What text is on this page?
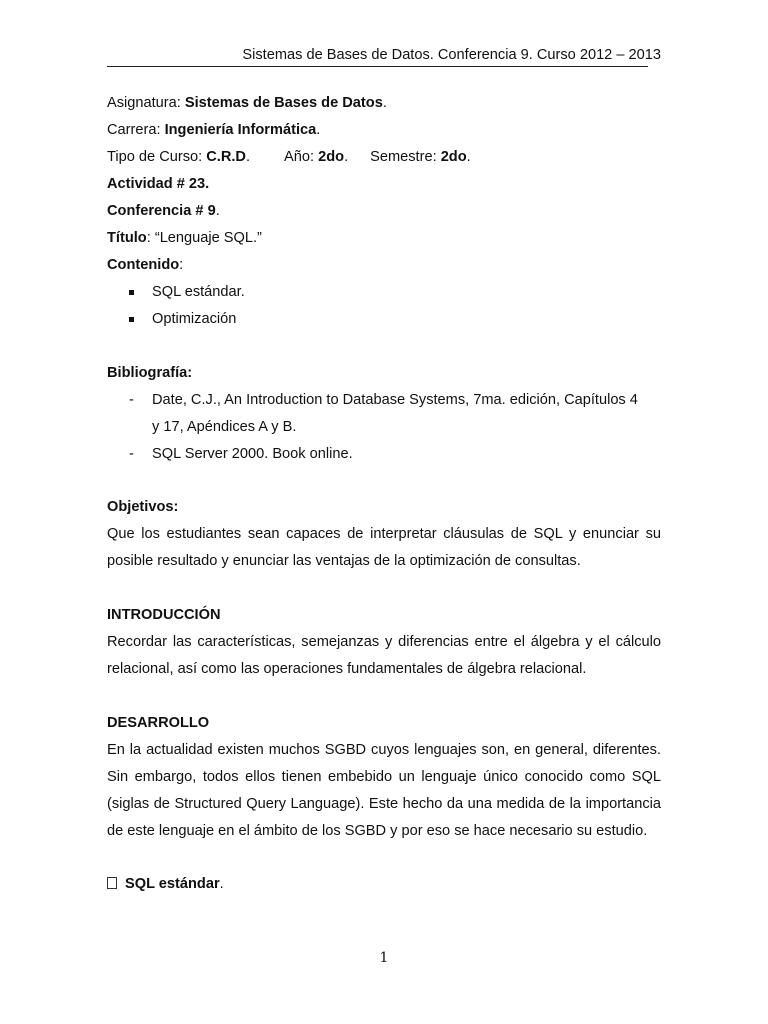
Sistemas de Bases de Datos. Conferencia 9. Curso 2012 – 2013
Asignatura: Sistemas de Bases de Datos.
Carrera: Ingeniería Informática.
Tipo de Curso: C.R.D. Año: 2do. Semestre: 2do.
Actividad # 23.
Conferencia # 9.
Título: “Lenguaje SQL.”
Contenido:
SQL estándar.
Optimización
Bibliografía:
- Date, C.J., An Introduction to Database Systems, 7ma. edición, Capítulos 4
y 17, Apéndices A y B.
- SQL Server 2000. Book online.
Objetivos:
Que los estudiantes sean capaces de interpretar cláusulas de SQL y enunciar su posible resultado y enunciar las ventajas de la optimización de consultas.
INTRODUCCIÓN
Recordar las características, semejanzas y diferencias entre el álgebra y el cálculo relacional, así como las operaciones fundamentales de álgebra relacional.
DESARROLLO
En la actualidad existen muchos SGBD cuyos lenguajes son, en general, diferentes. Sin embargo, todos ellos tienen embebido un lenguaje único conocido como SQL (siglas de Structured Query Language). Este hecho da una medida de la importancia de este lenguaje en el ámbito de los SGBD y por eso se hace necesario su estudio.
SQL estándar.
1
